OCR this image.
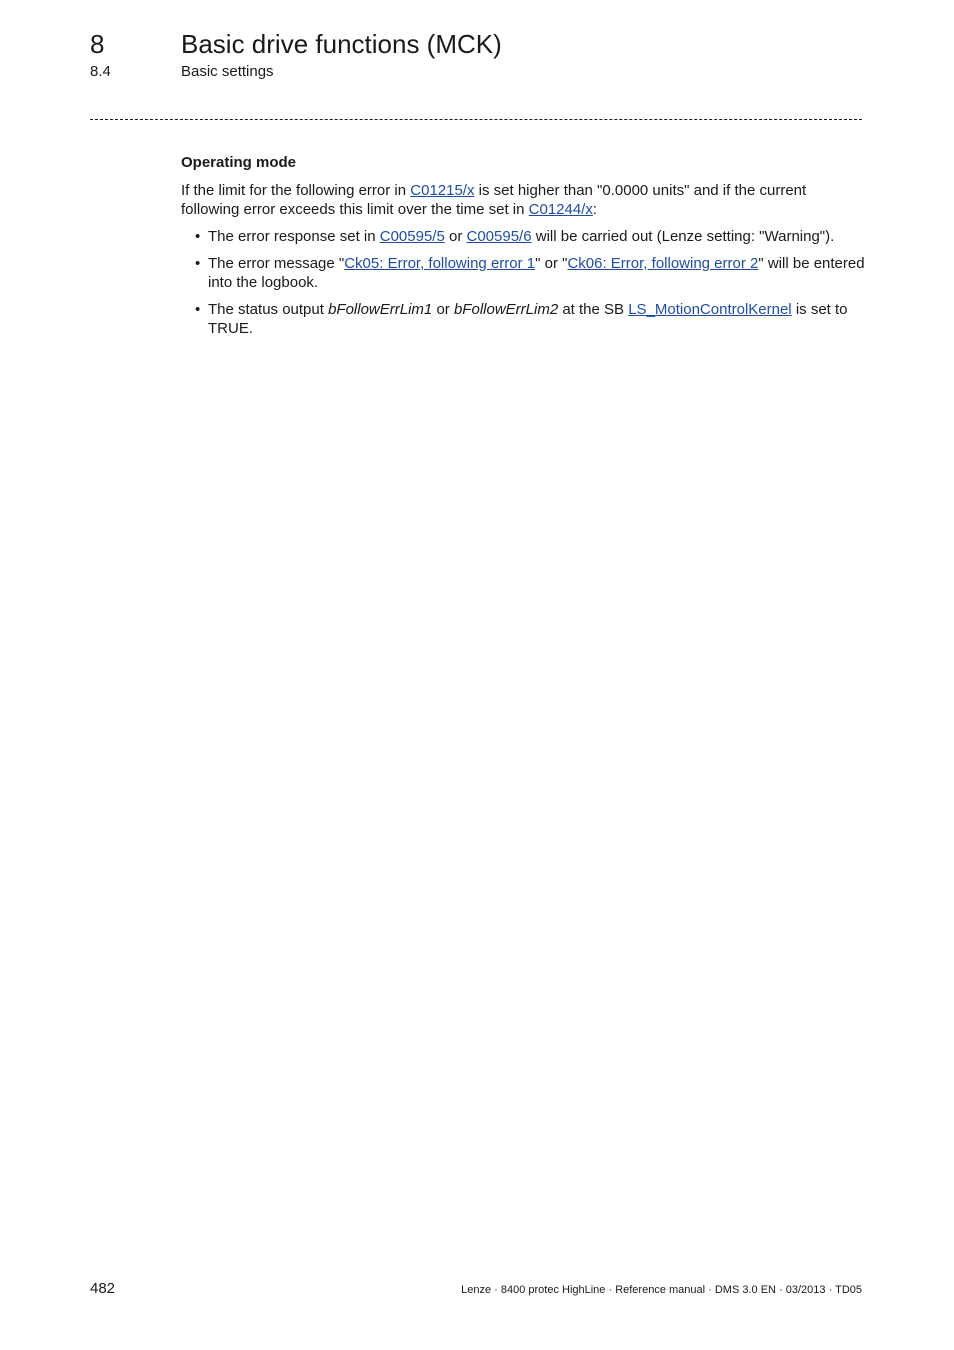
8	Basic drive functions (MCK)
8.4	Basic settings
Operating mode

If the limit for the following error in C01215/x is set higher than "0.0000 units" and if the current following error exceeds this limit over the time set in C01244/x:

• The error response set in C00595/5 or C00595/6 will be carried out (Lenze setting: "Warning").
• The error message "Ck05: Error, following error 1" or "Ck06: Error, following error 2" will be entered into the logbook.
• The status output bFollowErrLim1 or bFollowErrLim2 at the SB LS_MotionControlKernel is set to TRUE.
482	Lenze · 8400 protec HighLine · Reference manual · DMS 3.0 EN · 03/2013 · TD05
